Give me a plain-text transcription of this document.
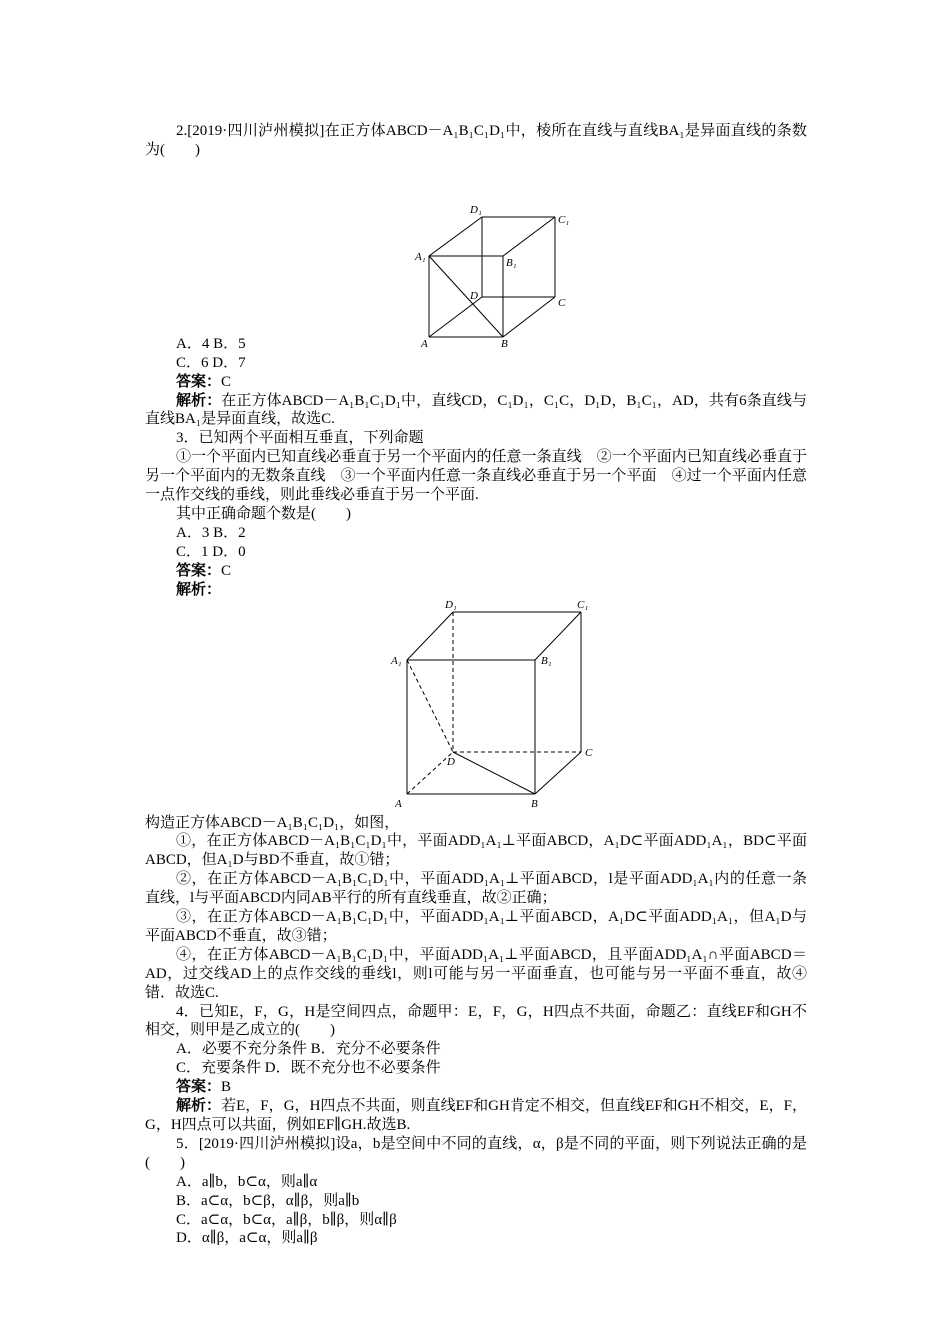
2.[2019·四川泸州模拟]在正方体ABCD－A₁B₁C₁D₁中，棱所在直线与直线BA₁是异面直线的条数为(　　)

D₁
C₁
A₁	B₁
D
C
A	B

A．4 B．5

C．6 D．7

答案：C

解析：在正方体ABCD－A₁B₁C₁D₁中，直线CD，C₁D₁，C₁C，D₁D，B₁C₁，AD，共有6条直线与直线BA₁是异面直线，故选C.

3．已知两个平面相互垂直，下列命题

①一个平面内已知直线必垂直于另一个平面内的任意一条直线　②一个平面内已知直线必垂直于另一个平面内的无数条直线　③一个平面内任意一条直线必垂直于另一个平面　④过一个平面内任意一点作交线的垂线，则此垂线必垂直于另一个平面.

其中正确命题个数是(　　)

A．3 B．2

C．1 D．0

答案：C

解析：

D₁	C₁
A₁	B₁
D
C
A	B

构造正方体ABCD－A₁B₁C₁D₁，如图，

①，在正方体ABCD－A₁B₁C₁D₁中，平面ADD₁A₁⊥平面ABCD，A₁D⊂平面ADD₁A₁，BD⊂平面ABCD，但A₁D与BD不垂直，故①错；

②，在正方体ABCD－A₁B₁C₁D₁中，平面ADD₁A₁⊥平面ABCD，l是平面ADD₁A₁内的任意一条直线，l与平面ABCD内同AB平行的所有直线垂直，故②正确；

③，在正方体ABCD－A₁B₁C₁D₁中，平面ADD₁A₁⊥平面ABCD，A₁D⊂平面ADD₁A₁，但A₁D与平面ABCD不垂直，故③错；

④，在正方体ABCD－A₁B₁C₁D₁中，平面ADD₁A₁⊥平面ABCD，且平面ADD₁A₁∩平面ABCD＝AD，过交线AD上的点作交线的垂线l，则l可能与另一平面垂直，也可能与另一平面不垂直，故④错．故选C.

4．已知E，F，G，H是空间四点，命题甲：E，F，G，H四点不共面，命题乙：直线EF和GH不相交，则甲是乙成立的(　　)

A．必要不充分条件 B．充分不必要条件

C．充要条件 D．既不充分也不必要条件

答案：B

解析：若E，F，G，H四点不共面，则直线EF和GH肯定不相交，但直线EF和GH不相交，E，F，G，H四点可以共面，例如EF∥GH.故选B.

5．[2019·四川泸州模拟]设a，b是空间中不同的直线，α，β是不同的平面，则下列说法正确的是(　　)

A．a∥b，b⊂α，则a∥α

B．a⊂α，b⊂β，α∥β，则a∥b

C．a⊂α，b⊂α，a∥β，b∥β，则α∥β

D．α∥β，a⊂α，则a∥β
